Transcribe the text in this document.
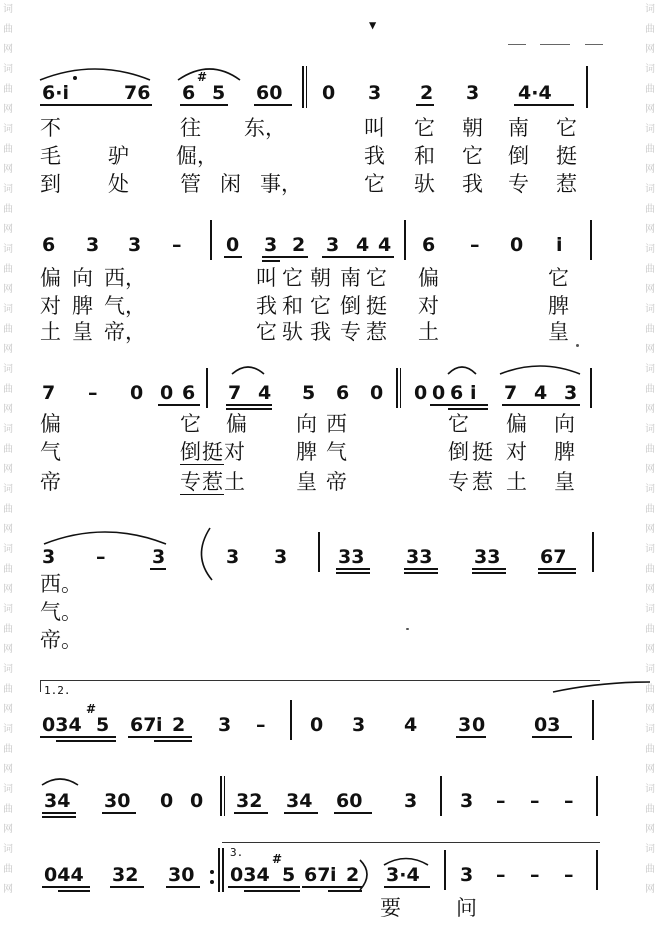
词曲网词曲网词曲网词曲网词曲网词曲网词曲网词曲网词曲网词曲网词曲网词曲网词曲网词曲网词曲网
词曲网词曲网词曲网词曲网词曲网词曲网词曲网词曲网词曲网词曲网词曲网词曲网词曲网词曲网词曲网
▼
6·i	76 6
#
5 60 0 3 2 3 4·4
不	往 东，	叫 它 朝 南 它
毛 驴 倔，	我 和 它 倒 挺
到 处 管 闲 事，	它 驮 我 专 惹
6 3 3 – 0 3 2 3 4 4 6 – 0 i
偏 向 西，	叫 它 朝 南 它 偏	它
对 脾 气，	我 和 它 倒 挺 对	脾
土 皇 帝，	它 驮 我 专 惹 土	皇
7 – 0 0 6 7 4 5 6 0 0 0 6 i 7 4 3
偏	它 偏 向 西	它 偏 向
气	倒 挺 对 脾 气	倒 挺 对 脾
帝	专 惹 土 皇 帝	专 惹 土 皇
3 – 3	3 3	33 33 33 67
西。
气。
帝。
1.2.
034
#
5 67 i 2 3 – 0 3 4 3 0	03
34 30 0 0 32 34 60 3 3 – – –
044 32 30
3.
034
#
5 67 i 2 3·4 3 – – –
要	问
